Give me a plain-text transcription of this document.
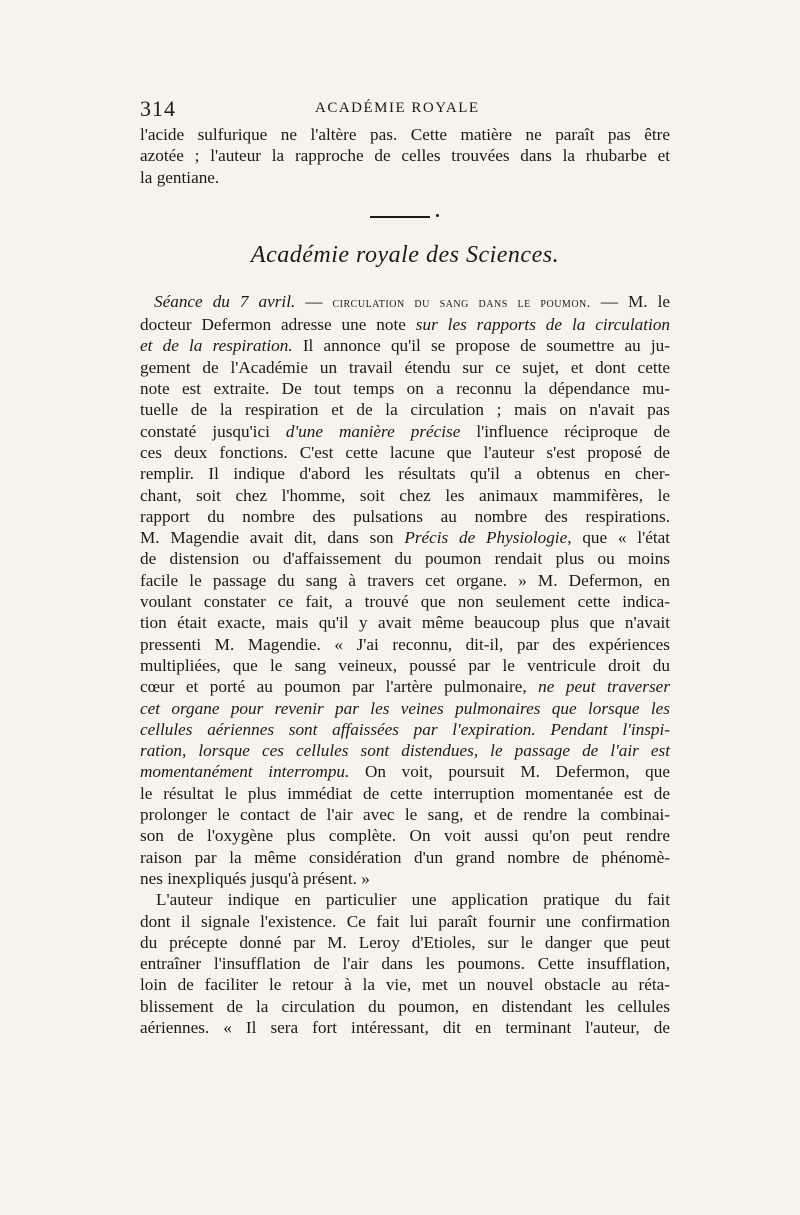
314	ACADÉMIE ROYALE
l'acide sulfurique ne l'altère pas. Cette matière ne paraît pas être
azotée ; l'auteur la rapproche de celles trouvées dans la rhubarbe et
la gentiane.
Académie royale des Sciences.
Séance du 7 avril. — circulation du sang dans le poumon. — M. le
docteur Defermon adresse une note sur les rapports de la circulation
et de la respiration. Il annonce qu'il se propose de soumettre au ju-
gement de l'Académie un travail étendu sur ce sujet, et dont cette
note est extraite. De tout temps on a reconnu la dépendance mu-
tuelle de la respiration et de la circulation ; mais on n'avait pas
constaté jusqu'ici d'une manière précise l'influence réciproque de
ces deux fonctions. C'est cette lacune que l'auteur s'est proposé de
remplir. Il indique d'abord les résultats qu'il a obtenus en cher-
chant, soit chez l'homme, soit chez les animaux mammifères, le
rapport du nombre des pulsations au nombre des respirations.
M. Magendie avait dit, dans son Précis de Physiologie, que « l'état
de distension ou d'affaissement du poumon rendait plus ou moins
facile le passage du sang à travers cet organe. » M. Defermon, en
voulant constater ce fait, a trouvé que non seulement cette indica-
tion était exacte, mais qu'il y avait même beaucoup plus que n'avait
pressenti M. Magendie. « J'ai reconnu, dit-il, par des expériences
multipliées, que le sang veineux, poussé par le ventricule droit du
cœur et porté au poumon par l'artère pulmonaire, ne peut traverser
cet organe pour revenir par les veines pulmonaires que lorsque les
cellules aériennes sont affaissées par l'expiration. Pendant l'inspi-
ration, lorsque ces cellules sont distendues, le passage de l'air est
momentanément interrompu. On voit, poursuit M. Defermon, que
le résultat le plus immédiat de cette interruption momentanée est de
prolonger le contact de l'air avec le sang, et de rendre la combinai-
son de l'oxygène plus complète. On voit aussi qu'on peut rendre
raison par la même considération d'un grand nombre de phénomè-
nes inexpliqués jusqu'à présent. »
L'auteur indique en particulier une application pratique du fait
dont il signale l'existence. Ce fait lui paraît fournir une confirmation
du précepte donné par M. Leroy d'Etioles, sur le danger que peut
entraîner l'insufflation de l'air dans les poumons. Cette insufflation,
loin de faciliter le retour à la vie, met un nouvel obstacle au réta-
blissement de la circulation du poumon, en distendant les cellules
aériennes. « Il sera fort intéressant, dit en terminant l'auteur, de
